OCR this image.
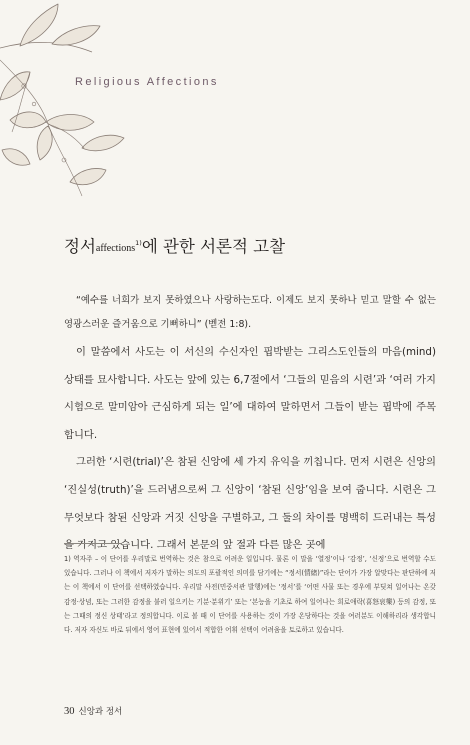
Religious Affections
정서affections$^{1)}$에 관한 서론적 고찰

“예수를 너희가 보지 못하였으나 사랑하는도다. 이제도 보지 못하나 믿고 말할 수 없는 영광스러운 즐거움으로 기뻐하니” (벧전 1:8).

이 말씀에서 사도는 이 서신의 수신자인 핍박받는 그리스도인들의 마음(mind) 상태를 묘사합니다. 사도는 앞에 있는 6,7절에서 ‘그들의 믿음의 시련’과 ‘여러 가지 시험으로 말미암아 근심하게 되는 일’에 대하여 말하면서 그들이 받는 핍박에 주목합니다.

그러한 ‘시련(trial)’은 참된 신앙에 세 가지 유익을 끼칩니다. 먼저 시련은 신앙의 ‘진실성(truth)’을 드러냄으로써 그 신앙이 ‘참된 신앙’임을 보여 줍니다. 시련은 그 무엇보다 참된 신앙과 거짓 신앙을 구별하고, 그 둘의 차이를 명백히 드러내는 특성을 가지고 있습니다. 그래서 본문의 앞 절과 다른 많은 곳에

1) 역자주 – 이 단어를 우리말로 번역하는 것은 참으로 어려운 일입니다. 물론 이 말을 ‘열정’이나 ‘감정’, ‘신정’으로 번역할 수도 있습니다. 그러나 이 책에서 저자가 말하는 의도의 포괄적인 의미를 담기에는 “정서(情緖)”라는 단어가 가장 알맞다는 판단하에 저는 이 책에서 이 단어를 선택하였습니다. 우리말 사전(민중서관 발행)에는 ‘정서’를 ‘어떤 사물 또는 경우에 부딪쳐 일어나는 온갖 감정·상념, 또는 그러한 감정을 불러 일으키는 기분·분위기’ 또는 ‘본능을 기초로 하여 일어나는 희로애락(喜怒哀樂) 등의 감정, 또는 그때의 정신 상태’라고 정의합니다. 이로 볼 때 이 단어를 사용하는 것이 가장 온당하다는 것을 여러분도 이해하리라 생각합니다. 저자 자신도 바로 뒤에서 영어 표현에 있어서 적합한 어휘 선택이 어려움을 토로하고 있습니다.
30 신앙과 정서
